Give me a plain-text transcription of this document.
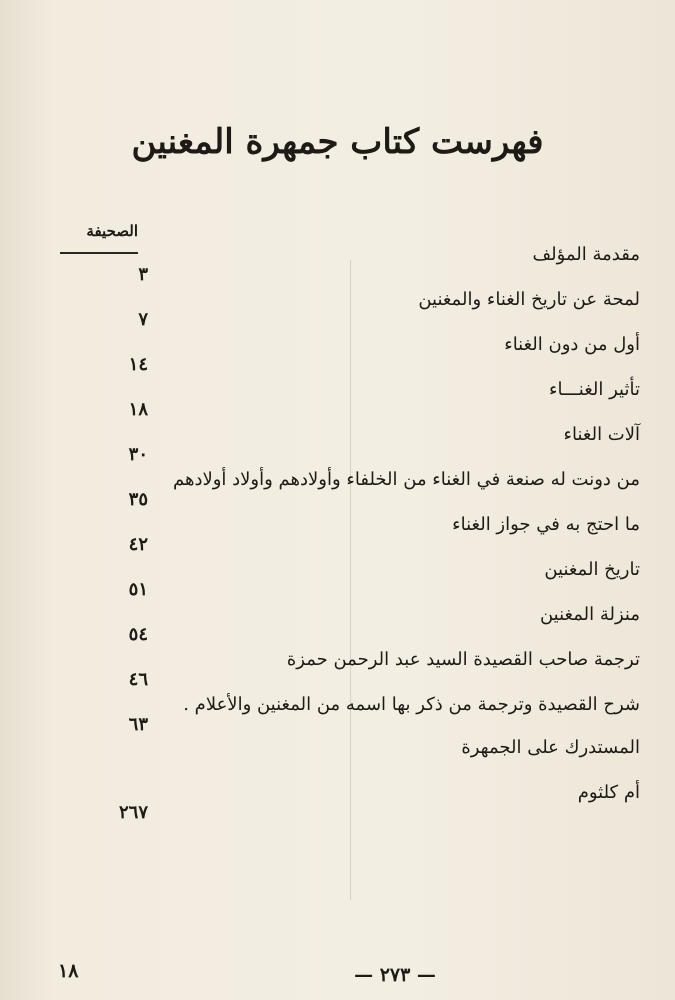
فهرست كتاب جمهرة المغنين
الصحيفة
مقدمة المؤلف
٣
لمحة عن تاريخ الغناء والمغنين
٧
أول من دون الغناء
١٤
تأثير الغنـــاء
١٨
آلات الغناء
٣٠
من دونت له صنعة في الغناء من الخلفاء وأولادهم وأولاد أولادهم
٣٥
ما احتج به في جواز الغناء
٤٢
تاريخ المغنين
٥١
منزلة المغنين
٥٤
ترجمة صاحب القصيدة السيد عبد الرحمن حمزة
٤٦
شرح القصيدة وترجمة من ذكر بها اسمه من المغنين والأعلام .
٦٣
المستدرك على الجمهرة
أم كلثوم
٢٦٧
١٨	— ٢٧٣ —
